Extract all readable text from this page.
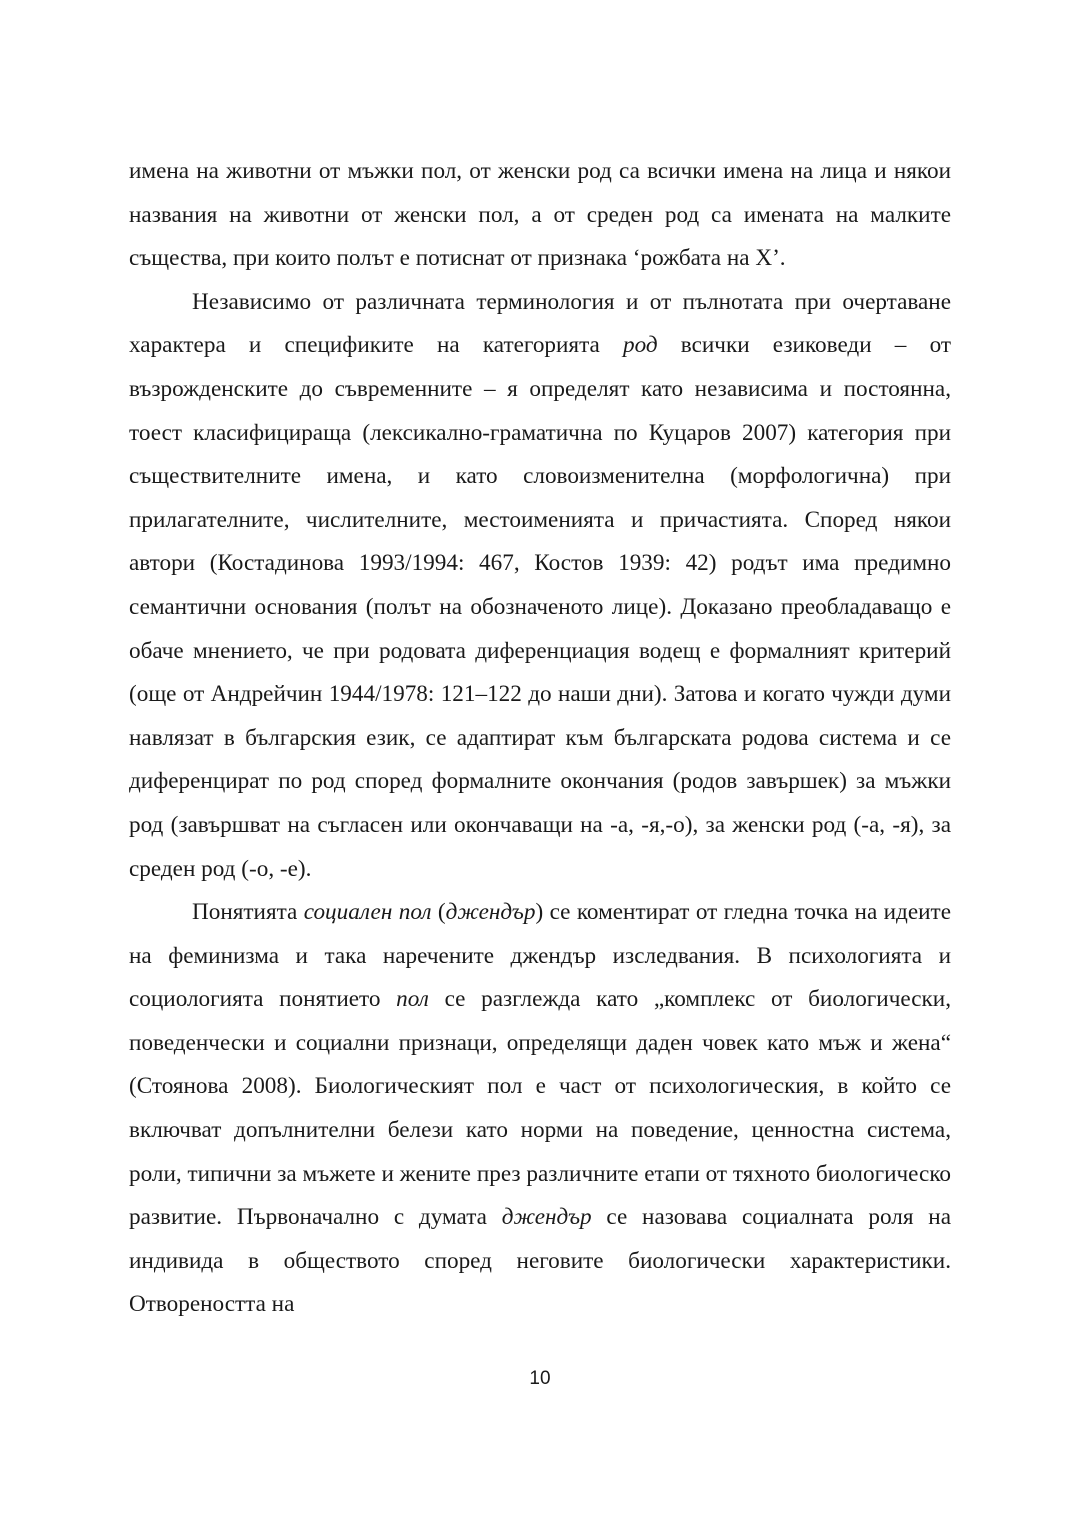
имена на животни от мъжки пол, от женски род са всички имена на лица и някои названия на животни от женски пол, а от среден род са имената на малките същества, при които полът е потиснат от признака ‘рожбата на Х’.

Независимо от различната терминология и от пълнотата при очертаване характера и спецификите на категорията род всички езиковеди – от възрожденските до съвременните – я определят като независима и постоянна, тоест класифицираща (лексикално-граматична по Куцаров 2007) категория при съществителните имена, и като словоизменителна (морфологична) при прилагателните, числителните, местоименията и причастията. Според някои автори (Костадинова 1993/1994: 467, Костов 1939: 42) родът има предимно семантични основания (полът на обозначеното лице). Доказано преобладаващо е обаче мнението, че при родовата диференциация водещ е формалният критерий (още от Андрейчин 1944/1978: 121–122 до наши дни). Затова и когато чужди думи навлязат в българския език, се адаптират към българската родова система и се диференцират по род според формалните окончания (родов завършек) за мъжки род (завършват на съгласен или окончаващи на -а, -я,-о), за женски род (-а, -я), за среден род (-о, -е).

Понятията социален пол (джендър) се коментират от гледна точка на идеите на феминизма и така наречените джендър изследвания. В психологията и социологията понятието пол се разглежда като „комплекс от биологически, поведенчески и социални признаци, определящи даден човек като мъж и жена“ (Стоянова 2008). Биологическият пол е част от психологическия, в който се включват допълнителни белези като норми на поведение, ценностна система, роли, типични за мъжете и жените през различните етапи от тяхното биологическо развитие. Първоначално с думата джендър се назовава социалната роля на индивида в обществото според неговите биологически характеристики. Отвореността на

10
